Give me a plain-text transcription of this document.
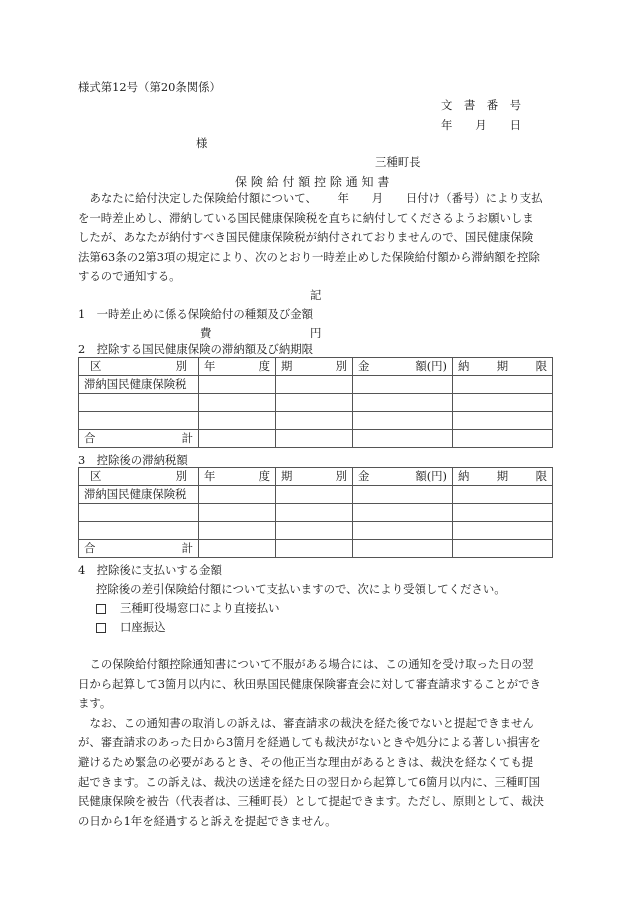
様式第12号（第20条関係）
文 書 番 号
年 月 日
様
三種町長
保 険 給 付 額 控 除 通 知 書
あなたに給付決定した保険給付額について、　　 年　　月　　日付け（番号）により支払
を一時差止めし、滞納している国民健康保険税を直ちに納付してくださるようお願いしま
したが、あなたが納付すべき国民健康保険税が納付されておりませんので、国民健康保険
法第63条の2第3項の規定により、次のとおり一時差止めした保険給付額から滞納額を控除
するので通知する。
記
1　一時差止めに係る保険給付の種類及び金額
費	円
2　控除する国民健康保険の滞納額及び納期限
区 別	年 度	期 別	金 額(円)	納 期 限

滞納国民健康保険税				

合 計				

3　控除後の滞納税額
区 別	年 度	期 別	金 額(円)	納 期 限

滞納国民健康保険税				

合 計				

4　控除後に支払いする金額
控除後の差引保険給付額について支払いますので、次により受領してください。
三種町役場窓口により直接払い
口座振込
この保険給付額控除通知書について不服がある場合には、この通知を受け取った日の翌
日から起算して3箇月以内に、秋田県国民健康保険審査会に対して審査請求することができ
ます。
なお、この通知書の取消しの訴えは、審査請求の裁決を経た後でないと提起できません
が、審査請求のあった日から3箇月を経過しても裁決がないときや処分による著しい損害を
避けるため緊急の必要があるとき、その他正当な理由があるときは、裁決を経なくても提
起できます。この訴えは、裁決の送達を経た日の翌日から起算して6箇月以内に、三種町国
民健康保険を被告（代表者は、三種町長）として提起できます。ただし、原則として、裁決
の日から1年を経過すると訴えを提起できません。
